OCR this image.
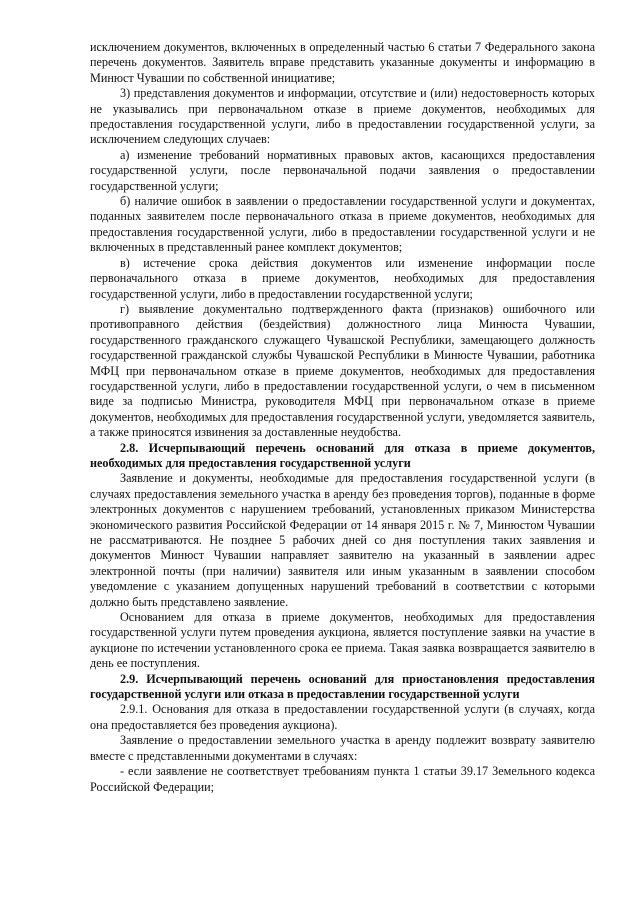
исключением документов, включенных в определенный частью 6 статьи 7 Федерального закона перечень документов. Заявитель вправе представить указанные документы и информацию в Минюст Чувашии по собственной инициативе;

3) представления документов и информации, отсутствие и (или) недостоверность которых не указывались при первоначальном отказе в приеме документов, необходимых для предоставления государственной услуги, либо в предоставлении государственной услуги, за исключением следующих случаев:

а) изменение требований нормативных правовых актов, касающихся предоставления государственной услуги, после первоначальной подачи заявления о предоставлении государственной услуги;

б) наличие ошибок в заявлении о предоставлении государственной услуги и документах, поданных заявителем после первоначального отказа в приеме документов, необходимых для предоставления государственной услуги, либо в предоставлении государственной услуги и не включенных в представленный ранее комплект документов;

в) истечение срока действия документов или изменение информации после первоначального отказа в приеме документов, необходимых для предоставления государственной услуги, либо в предоставлении государственной услуги;

г) выявление документально подтвержденного факта (признаков) ошибочного или противоправного действия (бездействия) должностного лица Минюста Чувашии, государственного гражданского служащего Чувашской Республики, замещающего должность государственной гражданской службы Чувашской Республики в Минюсте Чувашии, работника МФЦ при первоначальном отказе в приеме документов, необходимых для предоставления государственной услуги, либо в предоставлении государственной услуги, о чем в письменном виде за подписью Министра, руководителя МФЦ при первоначальном отказе в приеме документов, необходимых для предоставления государственной услуги, уведомляется заявитель, а также приносятся извинения за доставленные неудобства.

2.8. Исчерпывающий перечень оснований для отказа в приеме документов, необходимых для предоставления государственной услуги

Заявление и документы, необходимые для предоставления государственной услуги (в случаях предоставления земельного участка в аренду без проведения торгов), поданные в форме электронных документов с нарушением требований, установленных приказом Министерства экономического развития Российской Федерации от 14 января 2015 г. № 7, Минюстом Чувашии не рассматриваются. Не позднее 5 рабочих дней со дня поступления таких заявления и документов Минюст Чувашии направляет заявителю на указанный в заявлении адрес электронной почты (при наличии) заявителя или иным указанным в заявлении способом уведомление с указанием допущенных нарушений требований в соответствии с которыми должно быть представлено заявление.

Основанием для отказа в приеме документов, необходимых для предоставления государственной услуги путем проведения аукциона, является поступление заявки на участие в аукционе по истечении установленного срока ее приема. Такая заявка возвращается заявителю в день ее поступления.

2.9. Исчерпывающий перечень оснований для приостановления предоставления государственной услуги или отказа в предоставлении государственной услуги

2.9.1. Основания для отказа в предоставлении государственной услуги (в случаях, когда она предоставляется без проведения аукциона).

Заявление о предоставлении земельного участка в аренду подлежит возврату заявителю вместе с представленными документами в случаях:

- если заявление не соответствует требованиям пункта 1 статьи 39.17 Земельного кодекса Российской Федерации;
